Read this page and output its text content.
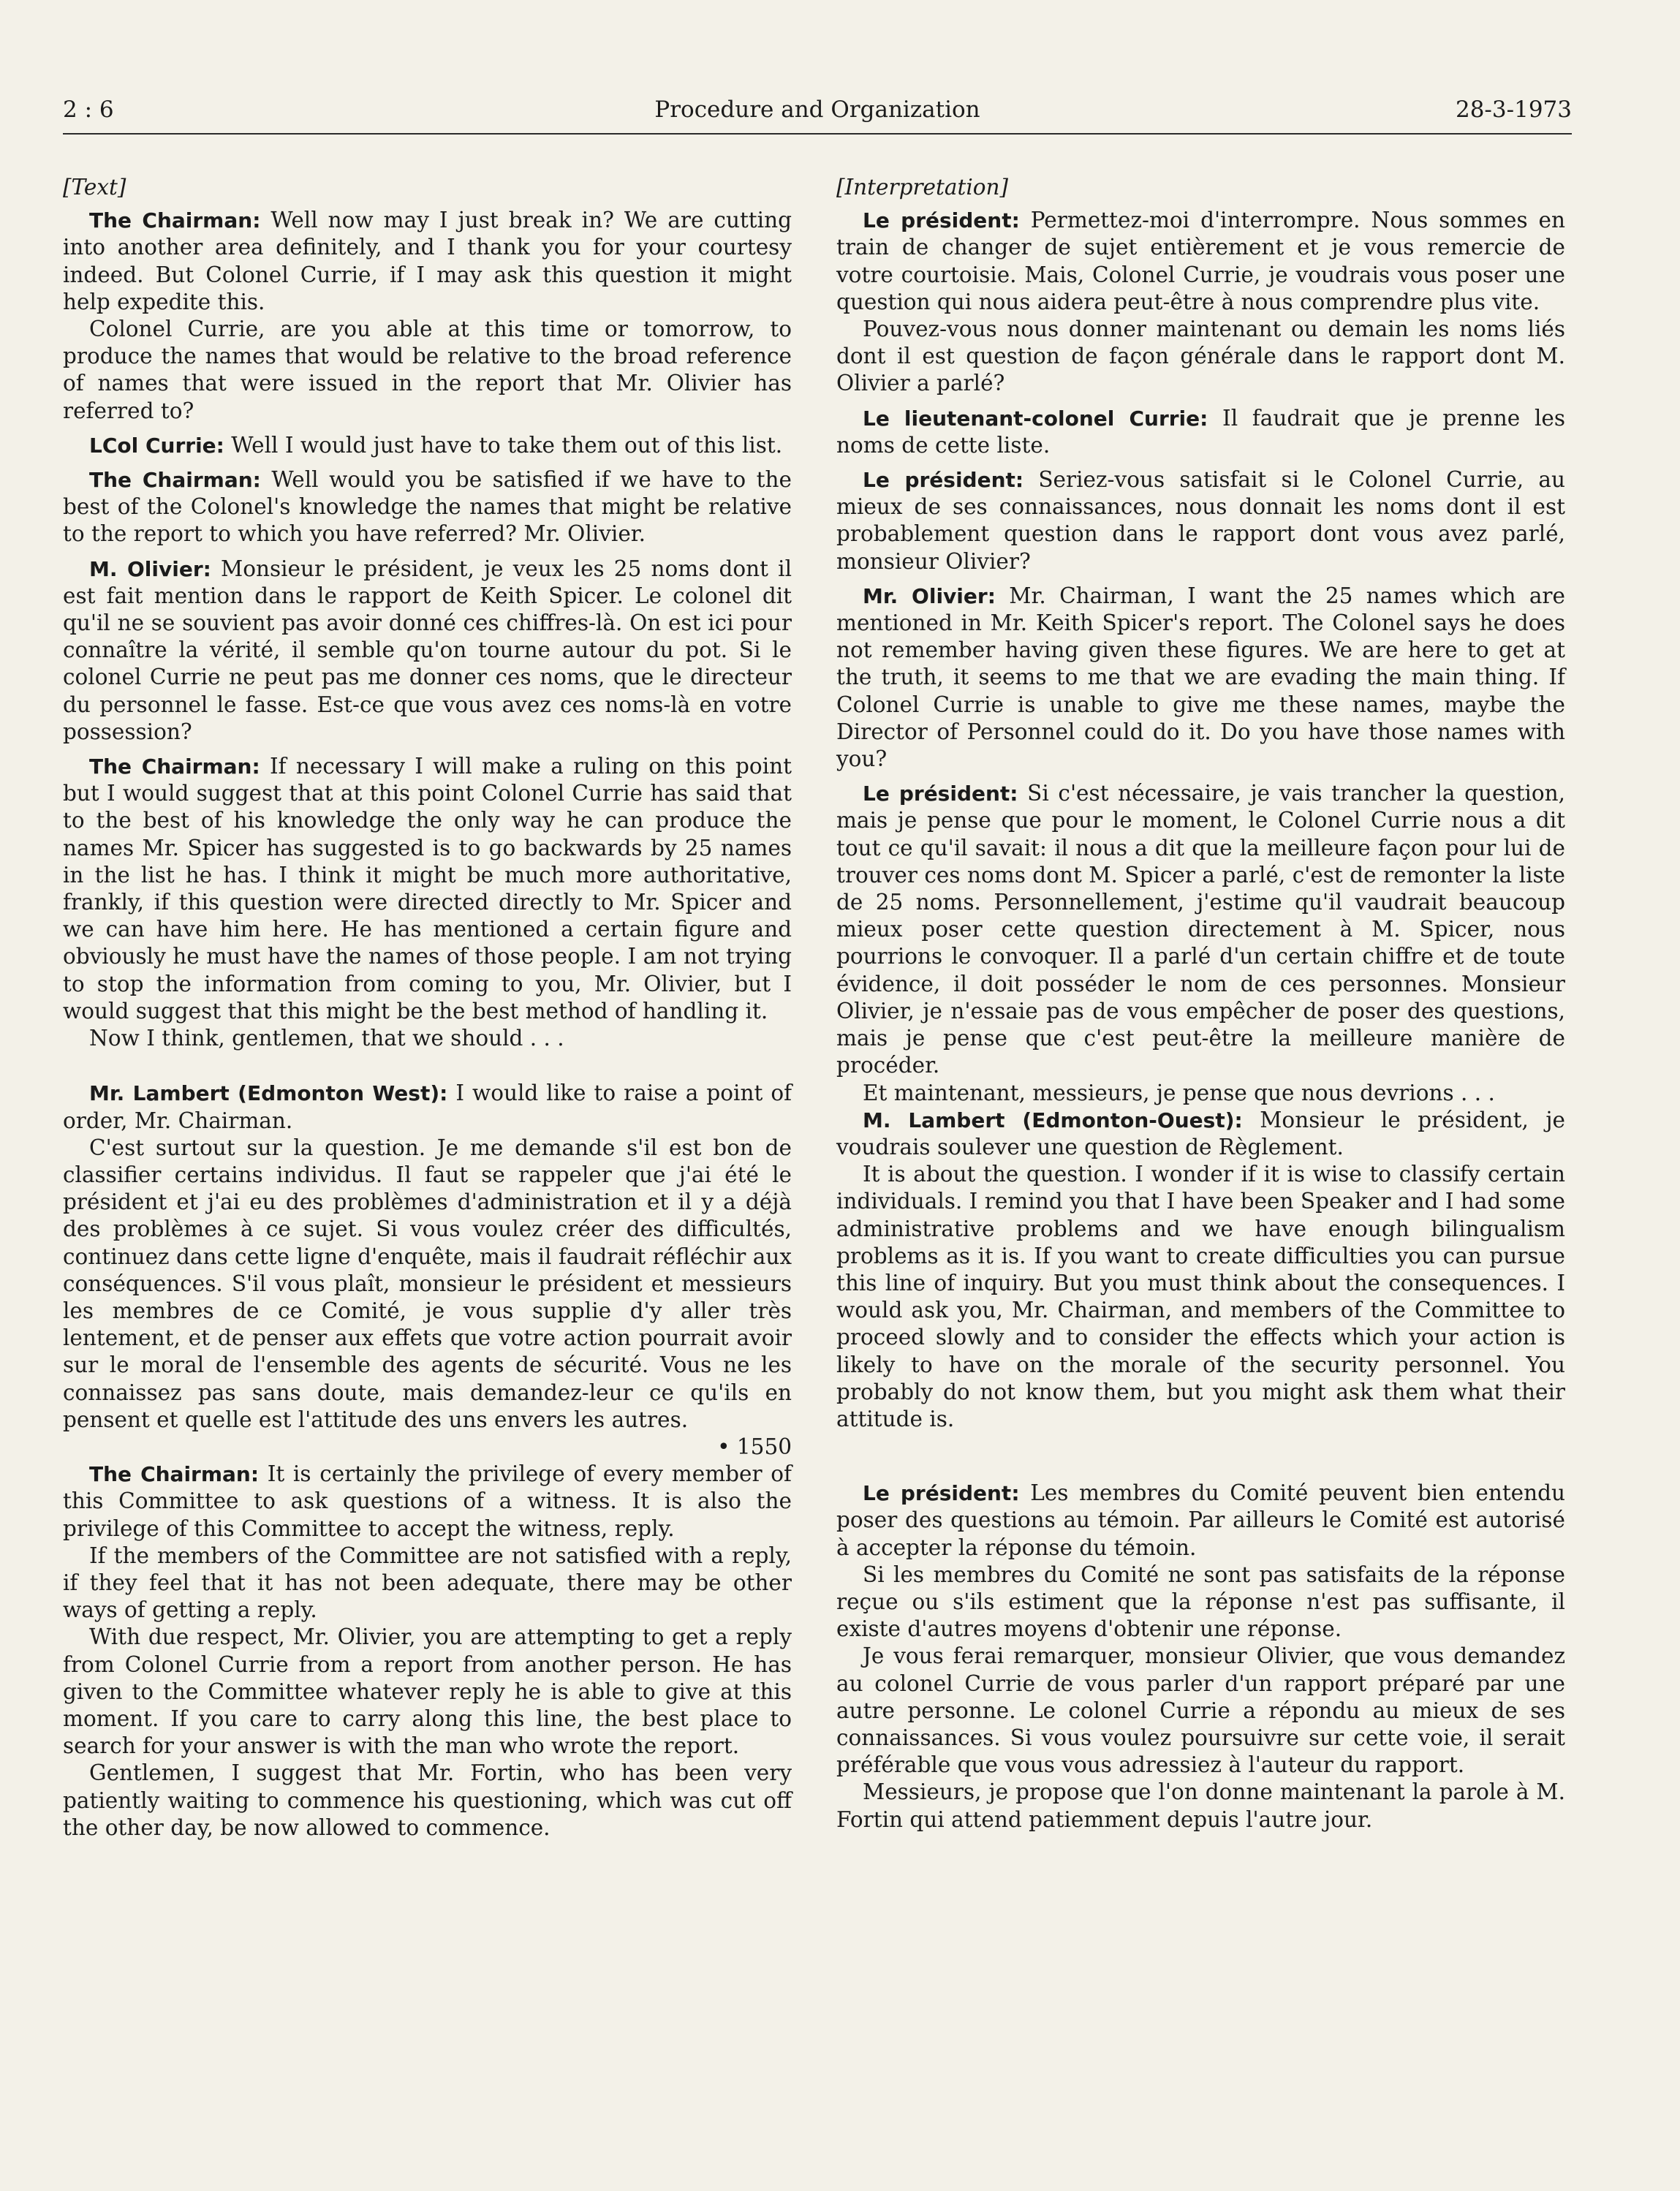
2 : 6	Procedure and Organization	28-3-1973

[Text]

The Chairman: Well now may I just break in? We are cutting into another area definitely, and I thank you for your courtesy indeed. But Colonel Currie, if I may ask this question it might help expedite this.

Colonel Currie, are you able at this time or tomorrow, to produce the names that would be relative to the broad reference of names that were issued in the report that Mr. Olivier has referred to?

LCol Currie: Well I would just have to take them out of this list.

The Chairman: Well would you be satisfied if we have to the best of the Colonel's knowledge the names that might be relative to the report to which you have referred? Mr. Olivier.

M. Olivier: Monsieur le président, je veux les 25 noms dont il est fait mention dans le rapport de Keith Spicer. Le colonel dit qu'il ne se souvient pas avoir donné ces chiffres-là. On est ici pour connaître la vérité, il semble qu'on tourne autour du pot. Si le colonel Currie ne peut pas me donner ces noms, que le directeur du personnel le fasse. Est-ce que vous avez ces noms-là en votre possession?

The Chairman: If necessary I will make a ruling on this point but I would suggest that at this point Colonel Currie has said that to the best of his knowledge the only way he can produce the names Mr. Spicer has suggested is to go backwards by 25 names in the list he has. I think it might be much more authoritative, frankly, if this question were directed directly to Mr. Spicer and we can have him here. He has mentioned a certain figure and obviously he must have the names of those people. I am not trying to stop the information from coming to you, Mr. Olivier, but I would suggest that this might be the best method of handling it.

Now I think, gentlemen, that we should . . .

Mr. Lambert (Edmonton West): I would like to raise a point of order, Mr. Chairman.

C'est surtout sur la question. Je me demande s'il est bon de classifier certains individus. Il faut se rappeler que j'ai été le président et j'ai eu des problèmes d'administration et il y a déjà des problèmes à ce sujet. Si vous voulez créer des difficultés, continuez dans cette ligne d'enquête, mais il faudrait réfléchir aux conséquences. S'il vous plaît, monsieur le président et messieurs les membres de ce Comité, je vous supplie d'y aller très lentement, et de penser aux effets que votre action pourrait avoir sur le moral de l'ensemble des agents de sécurité. Vous ne les connaissez pas sans doute, mais demandez-leur ce qu'ils en pensent et quelle est l'attitude des uns envers les autres.

• 1550

The Chairman: It is certainly the privilege of every member of this Committee to ask questions of a witness. It is also the privilege of this Committee to accept the witness, reply.

If the members of the Committee are not satisfied with a reply, if they feel that it has not been adequate, there may be other ways of getting a reply.

With due respect, Mr. Olivier, you are attempting to get a reply from Colonel Currie from a report from another person. He has given to the Committee whatever reply he is able to give at this moment. If you care to carry along this line, the best place to search for your answer is with the man who wrote the report.

Gentlemen, I suggest that Mr. Fortin, who has been very patiently waiting to commence his questioning, which was cut off the other day, be now allowed to commence.

[Interpretation]

Le président: Permettez-moi d'interrompre. Nous sommes en train de changer de sujet entièrement et je vous remercie de votre courtoisie. Mais, Colonel Currie, je voudrais vous poser une question qui nous aidera peut-être à nous comprendre plus vite.

Pouvez-vous nous donner maintenant ou demain les noms liés dont il est question de façon générale dans le rapport dont M. Olivier a parlé?

Le lieutenant-colonel Currie: Il faudrait que je prenne les noms de cette liste.

Le président: Seriez-vous satisfait si le Colonel Currie, au mieux de ses connaissances, nous donnait les noms dont il est probablement question dans le rapport dont vous avez parlé, monsieur Olivier?

Mr. Olivier: Mr. Chairman, I want the 25 names which are mentioned in Mr. Keith Spicer's report. The Colonel says he does not remember having given these figures. We are here to get at the truth, it seems to me that we are evading the main thing. If Colonel Currie is unable to give me these names, maybe the Director of Personnel could do it. Do you have those names with you?

Le président: Si c'est nécessaire, je vais trancher la question, mais je pense que pour le moment, le Colonel Currie nous a dit tout ce qu'il savait: il nous a dit que la meilleure façon pour lui de trouver ces noms dont M. Spicer a parlé, c'est de remonter la liste de 25 noms. Personnellement, j'estime qu'il vaudrait beaucoup mieux poser cette question directement à M. Spicer, nous pourrions le convoquer. Il a parlé d'un certain chiffre et de toute évidence, il doit posséder le nom de ces personnes. Monsieur Olivier, je n'essaie pas de vous empêcher de poser des questions, mais je pense que c'est peut-être la meilleure manière de procéder.

Et maintenant, messieurs, je pense que nous devrions . . .

M. Lambert (Edmonton-Ouest): Monsieur le président, je voudrais soulever une question de Règlement.

It is about the question. I wonder if it is wise to classify certain individuals. I remind you that I have been Speaker and I had some administrative problems and we have enough bilingualism problems as it is. If you want to create difficulties you can pursue this line of inquiry. But you must think about the consequences. I would ask you, Mr. Chairman, and members of the Committee to proceed slowly and to consider the effects which your action is likely to have on the morale of the security personnel. You probably do not know them, but you might ask them what their attitude is.

Le président: Les membres du Comité peuvent bien entendu poser des questions au témoin. Par ailleurs le Comité est autorisé à accepter la réponse du témoin.

Si les membres du Comité ne sont pas satisfaits de la réponse reçue ou s'ils estiment que la réponse n'est pas suffisante, il existe d'autres moyens d'obtenir une réponse.

Je vous ferai remarquer, monsieur Olivier, que vous demandez au colonel Currie de vous parler d'un rapport préparé par une autre personne. Le colonel Currie a répondu au mieux de ses connaissances. Si vous voulez poursuivre sur cette voie, il serait préférable que vous vous adressiez à l'auteur du rapport.

Messieurs, je propose que l'on donne maintenant la parole à M. Fortin qui attend patiemment depuis l'autre jour.
